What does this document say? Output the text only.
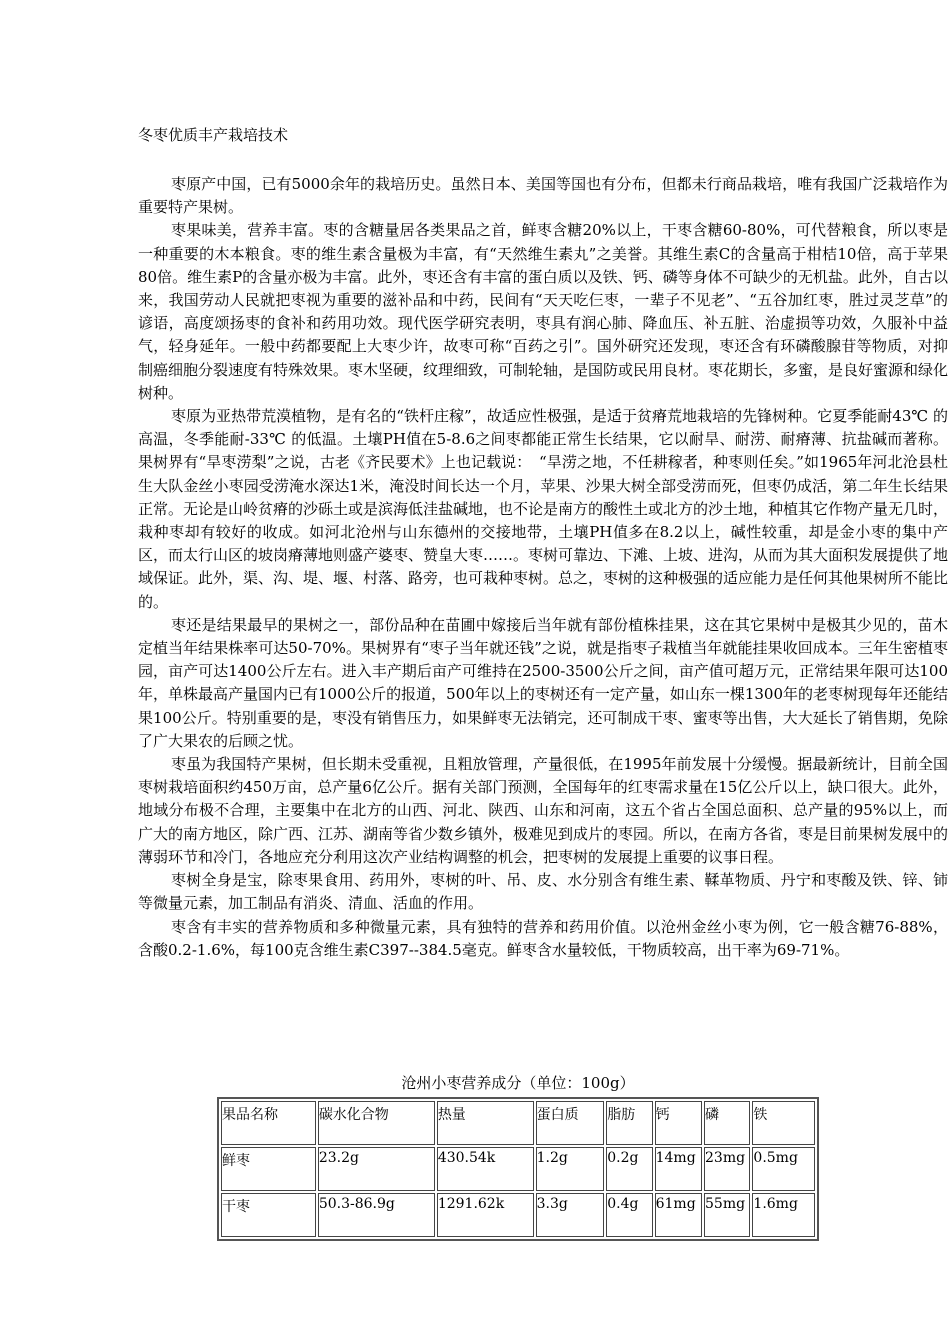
冬枣优质丰产栽培技术

枣原产中国，已有5000余年的栽培历史。虽然日本、美国等国也有分布，但都未行商品栽培，唯有我国广泛栽培作为重要特产果树。

枣果味美，营养丰富。枣的含糖量居各类果品之首，鲜枣含糖20%以上，干枣含糖60-80%，可代替粮食，所以枣是一种重要的木本粮食。枣的维生素含量极为丰富，有“天然维生素丸”之美誉。其维生素C的含量高于柑桔10倍，高于苹果80倍。维生素P的含量亦极为丰富。此外，枣还含有丰富的蛋白质以及铁、钙、磷等身体不可缺少的无机盐。此外，自古以来，我国劳动人民就把枣视为重要的滋补品和中药，民间有“天天吃仨枣，一辈子不见老”、“五谷加红枣，胜过灵芝草”的谚语，高度颂扬枣的食补和药用功效。现代医学研究表明，枣具有润心肺、降血压、补五脏、治虚损等功效，久服补中益气，轻身延年。一般中药都要配上大枣少许，故枣可称“百药之引”。国外研究还发现，枣还含有环磷酸腺苷等物质，对抑制癌细胞分裂速度有特殊效果。枣木坚硬，纹理细致，可制轮轴，是国防或民用良材。枣花期长，多蜜，是良好蜜源和绿化树种。

枣原为亚热带荒漠植物，是有名的“铁杆庄稼”，故适应性极强，是适于贫瘠荒地栽培的先锋树种。它夏季能耐43℃ 的高温，冬季能耐-33℃ 的低温。土壤PH值在5-8.6之间枣都能正常生长结果，它以耐旱、耐涝、耐瘠薄、抗盐碱而著称。果树界有“旱枣涝梨”之说，古老《齐民要术》上也记载说：　“旱涝之地，不任耕稼者，种枣则任矣。”如1965年河北沧县杜生大队金丝小枣园受涝淹水深达1米，淹没时间长达一个月，苹果、沙果大树全部受涝而死，但枣仍成活，第二年生长结果正常。无论是山岭贫瘠的沙砾土或是滨海低洼盐碱地，也不论是南方的酸性土或北方的沙土地，种植其它作物产量无几时，栽种枣却有较好的收成。如河北沧州与山东德州的交接地带，土壤PH值多在8.2以上，碱性较重，却是金小枣的集中产区，而太行山区的坡岗瘠薄地则盛产婆枣、赞皇大枣……。枣树可靠边、下滩、上坡、进沟，从而为其大面积发展提供了地域保证。此外，渠、沟、堤、堰、村落、路旁，也可栽种枣树。总之，枣树的这种极强的适应能力是任何其他果树所不能比的。

枣还是结果最早的果树之一，部份品种在苗圃中嫁接后当年就有部份植株挂果，这在其它果树中是极其少见的，苗木定植当年结果株率可达50-70%。果树界有“枣子当年就还钱”之说，就是指枣子栽植当年就能挂果收回成本。三年生密植枣园，亩产可达1400公斤左右。进入丰产期后亩产可维持在2500-3500公斤之间，亩产值可超万元，正常结果年限可达100年，单株最高产量国内已有1000公斤的报道，500年以上的枣树还有一定产量，如山东一棵1300年的老枣树现每年还能结果100公斤。特别重要的是，枣没有销售压力，如果鲜枣无法销完，还可制成干枣、蜜枣等出售，大大延长了销售期，免除了广大果农的后顾之忧。

枣虽为我国特产果树，但长期未受重视，且粗放管理，产量很低，在1995年前发展十分缓慢。据最新统计，目前全国枣树栽培面积约450万亩，总产量6亿公斤。据有关部门预测，全国每年的红枣需求量在15亿公斤以上，缺口很大。此外，地域分布极不合理，主要集中在北方的山西、河北、陕西、山东和河南，这五个省占全国总面积、总产量的95%以上，而广大的南方地区，除广西、江苏、湖南等省少数乡镇外，极难见到成片的枣园。所以，在南方各省，枣是目前果树发展中的薄弱环节和冷门，各地应充分利用这次产业结构调整的机会，把枣树的发展提上重要的议事日程。

枣树全身是宝，除枣果食用、药用外，枣树的叶、吊、皮、水分别含有维生素、鞣革物质、丹宁和枣酸及铁、锌、铈等微量元素，加工制品有消炎、清血、活血的作用。

枣含有丰实的营养物质和多种微量元素，具有独特的营养和药用价值。以沧州金丝小枣为例，它一般含糖76-88%，含酸0.2-1.6%，每100克含维生素C397--384.5毫克。鲜枣含水量较低，干物质较高，出干率为69-71%。

沧州小枣营养成分（单位：100g）
果品名称	碳水化合物	热量	蛋白质	脂肪	钙	磷	铁
鲜枣	23.2g	430.54k	1.2g	0.2g	14mg	23mg	0.5mg
干枣	50.3-86.9g	1291.62k	3.3g	0.4g	61mg	55mg	1.6mg
